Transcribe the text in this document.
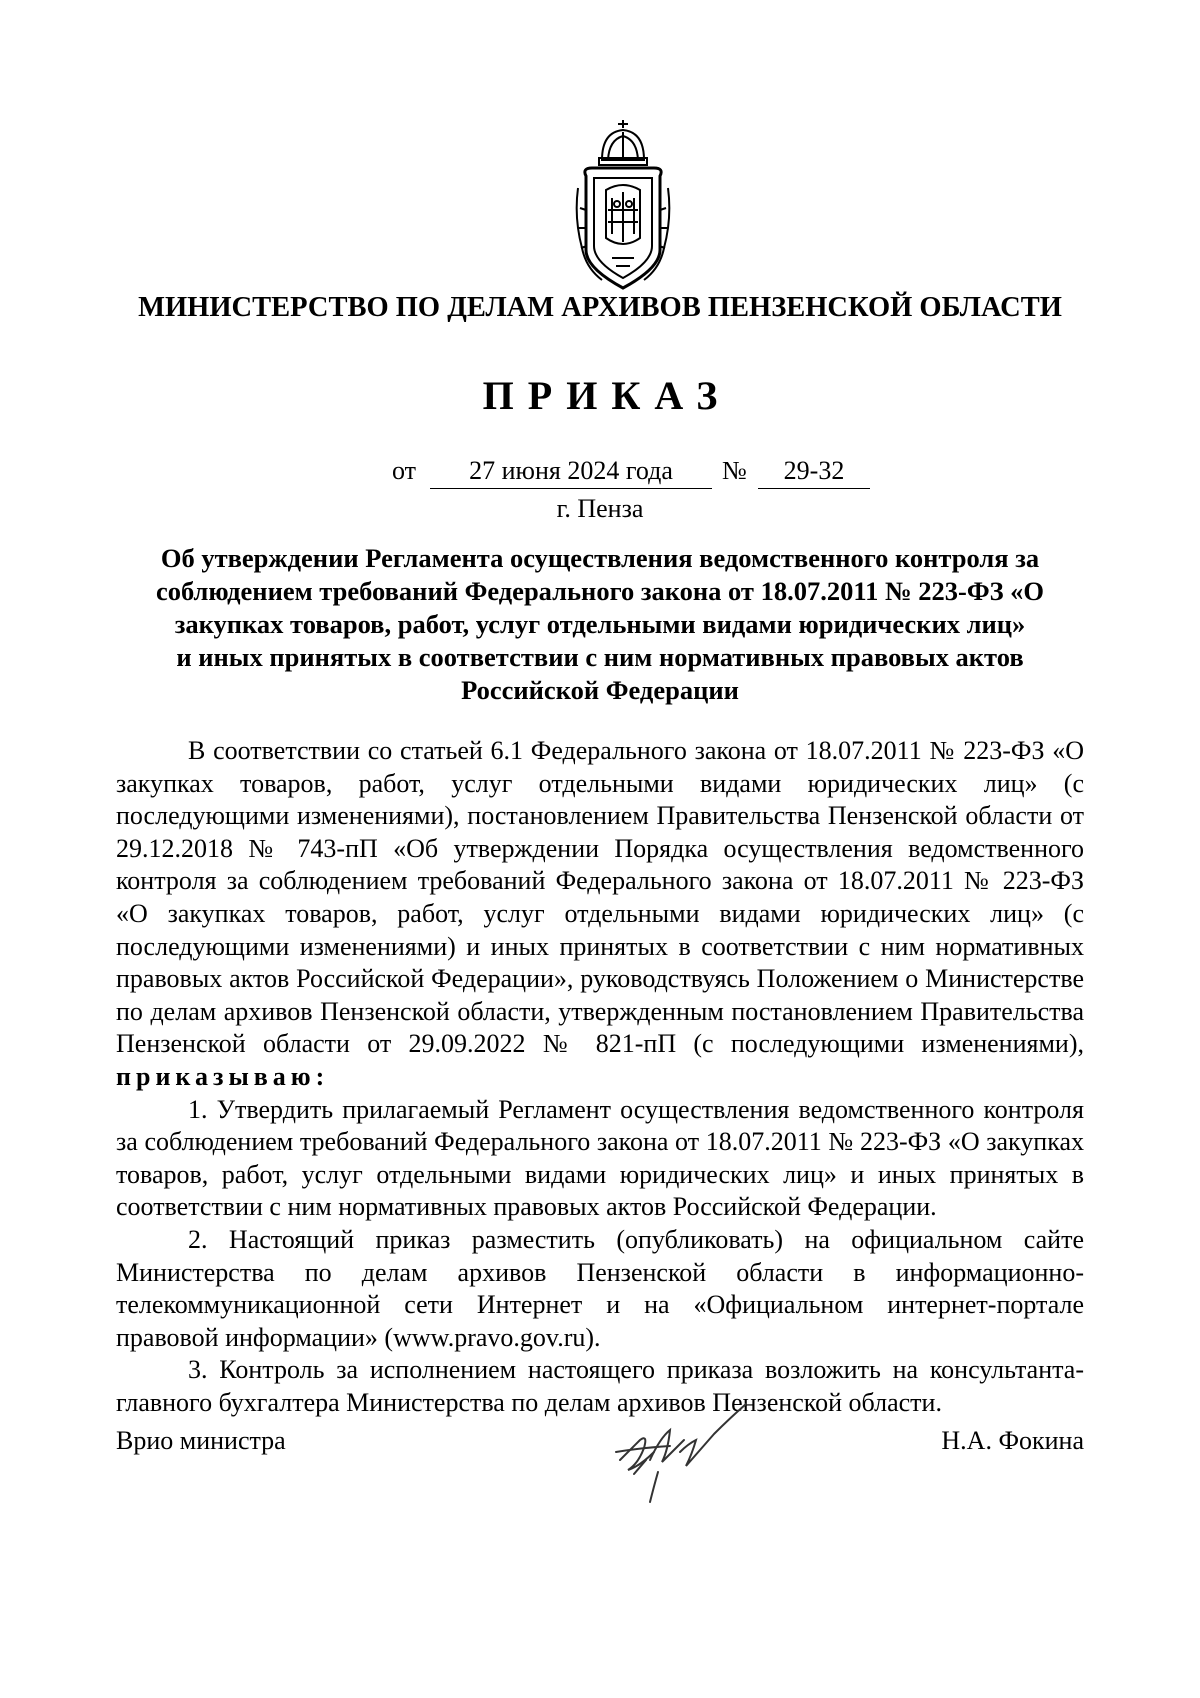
МИНИСТЕРСТВО ПО ДЕЛАМ АРХИВОВ ПЕНЗЕНСКОЙ ОБЛАСТИ
ПРИКАЗ
от	27 июня 2024 года	№	29-32
г. Пенза
Об утверждении Регламента осуществления ведомственного контроля за
соблюдением требований Федерального закона от 18.07.2011 № 223-ФЗ «О
закупках товаров, работ, услуг отдельными видами юридических лиц»
и иных принятых в соответствии с ним нормативных правовых актов
Российской Федерации

В соответствии со статьей 6.1 Федерального закона от 18.07.2011 № 223-ФЗ «О закупках товаров, работ, услуг отдельными видами юридических лиц» (с последующими изменениями), постановлением Правительства Пензенской области от 29.12.2018 № 743-пП «Об утверждении Порядка осуществления ведомственного контроля за соблюдением требований Федерального закона от 18.07.2011 № 223-ФЗ «О закупках товаров, работ, услуг отдельными видами юридических лиц» (с последующими изменениями) и иных принятых в соответствии с ним нормативных правовых актов Российской Федерации», руководствуясь Положением о Министерстве по делам архивов Пензенской области, утвержденным постановлением Правительства Пензенской области от 29.09.2022 № 821-пП (с последующими изменениями), приказываю:

1. Утвердить прилагаемый Регламент осуществления ведомственного контроля за соблюдением требований Федерального закона от 18.07.2011 № 223-ФЗ «О закупках товаров, работ, услуг отдельными видами юридических лиц» и иных принятых в соответствии с ним нормативных правовых актов Российской Федерации.

2. Настоящий приказ разместить (опубликовать) на официальном сайте Министерства по делам архивов Пензенской области в информационно-телекоммуникационной сети Интернет и на «Официальном интернет-портале правовой информации» (www.pravo.gov.ru).

3. Контроль за исполнением настоящего приказа возложить на консультанта-главного бухгалтера Министерства по делам архивов Пензенской области.

Врио министра	Н.А. Фокина
